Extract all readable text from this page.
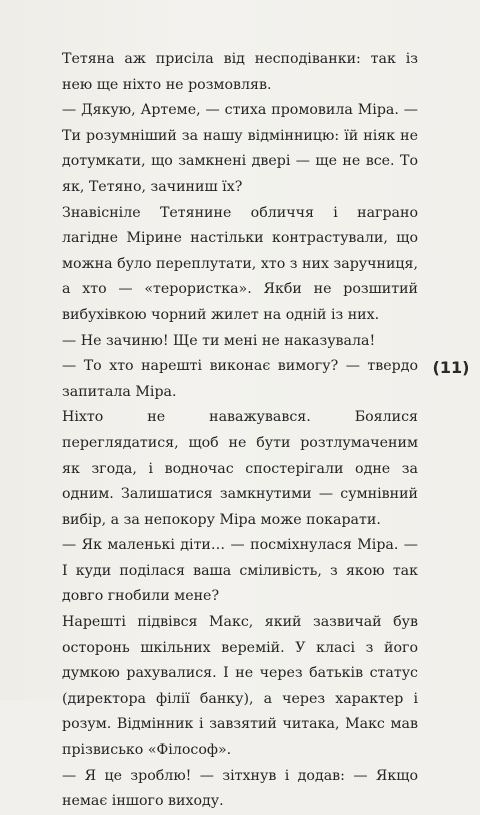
Тетяна аж присіла від несподіванки: так із нею ще ніхто не розмовляв.

— Дякую, Артеме, — стиха промовила Міра. — Ти розумніший за нашу відмінницю: їй ніяк не дотумкати, що замкнені двері — ще не все. То як, Тетяно, зачиниш їх?

Знавісніле Тетянине обличчя і награно лагідне Мірине настільки контрастували, що можна було переплутати, хто з них заручниця, а хто — «терористка». Якби не розшитий вибухівкою чорний жилет на одній із них.

— Не зачиню! Ще ти мені не наказувала!

— То хто нарешті виконає вимогу? — твердо запитала Міра.

Ніхто не наважувався. Боялися переглядатися, щоб не бути розтлумаченим як згода, і водночас спостерігали одне за одним. Залишатися замкнутими — сумнівний вибір, а за непокору Міра може покарати.

— Як маленькі діти… — посміхнулася Міра. — І куди поділася ваша сміливість, з якою так довго гнобили мене?

Нарешті підвівся Макс, який зазвичай був осторонь шкільних веремій. У класі з його думкою рахувалися. І не через батьків статус (директора філії банку), а через характер і розум. Відмінник і завзятий читака, Макс мав прізвисько «Філософ».

— Я це зроблю! — зітхнув і додав: — Якщо немає іншого виходу.

(11)
